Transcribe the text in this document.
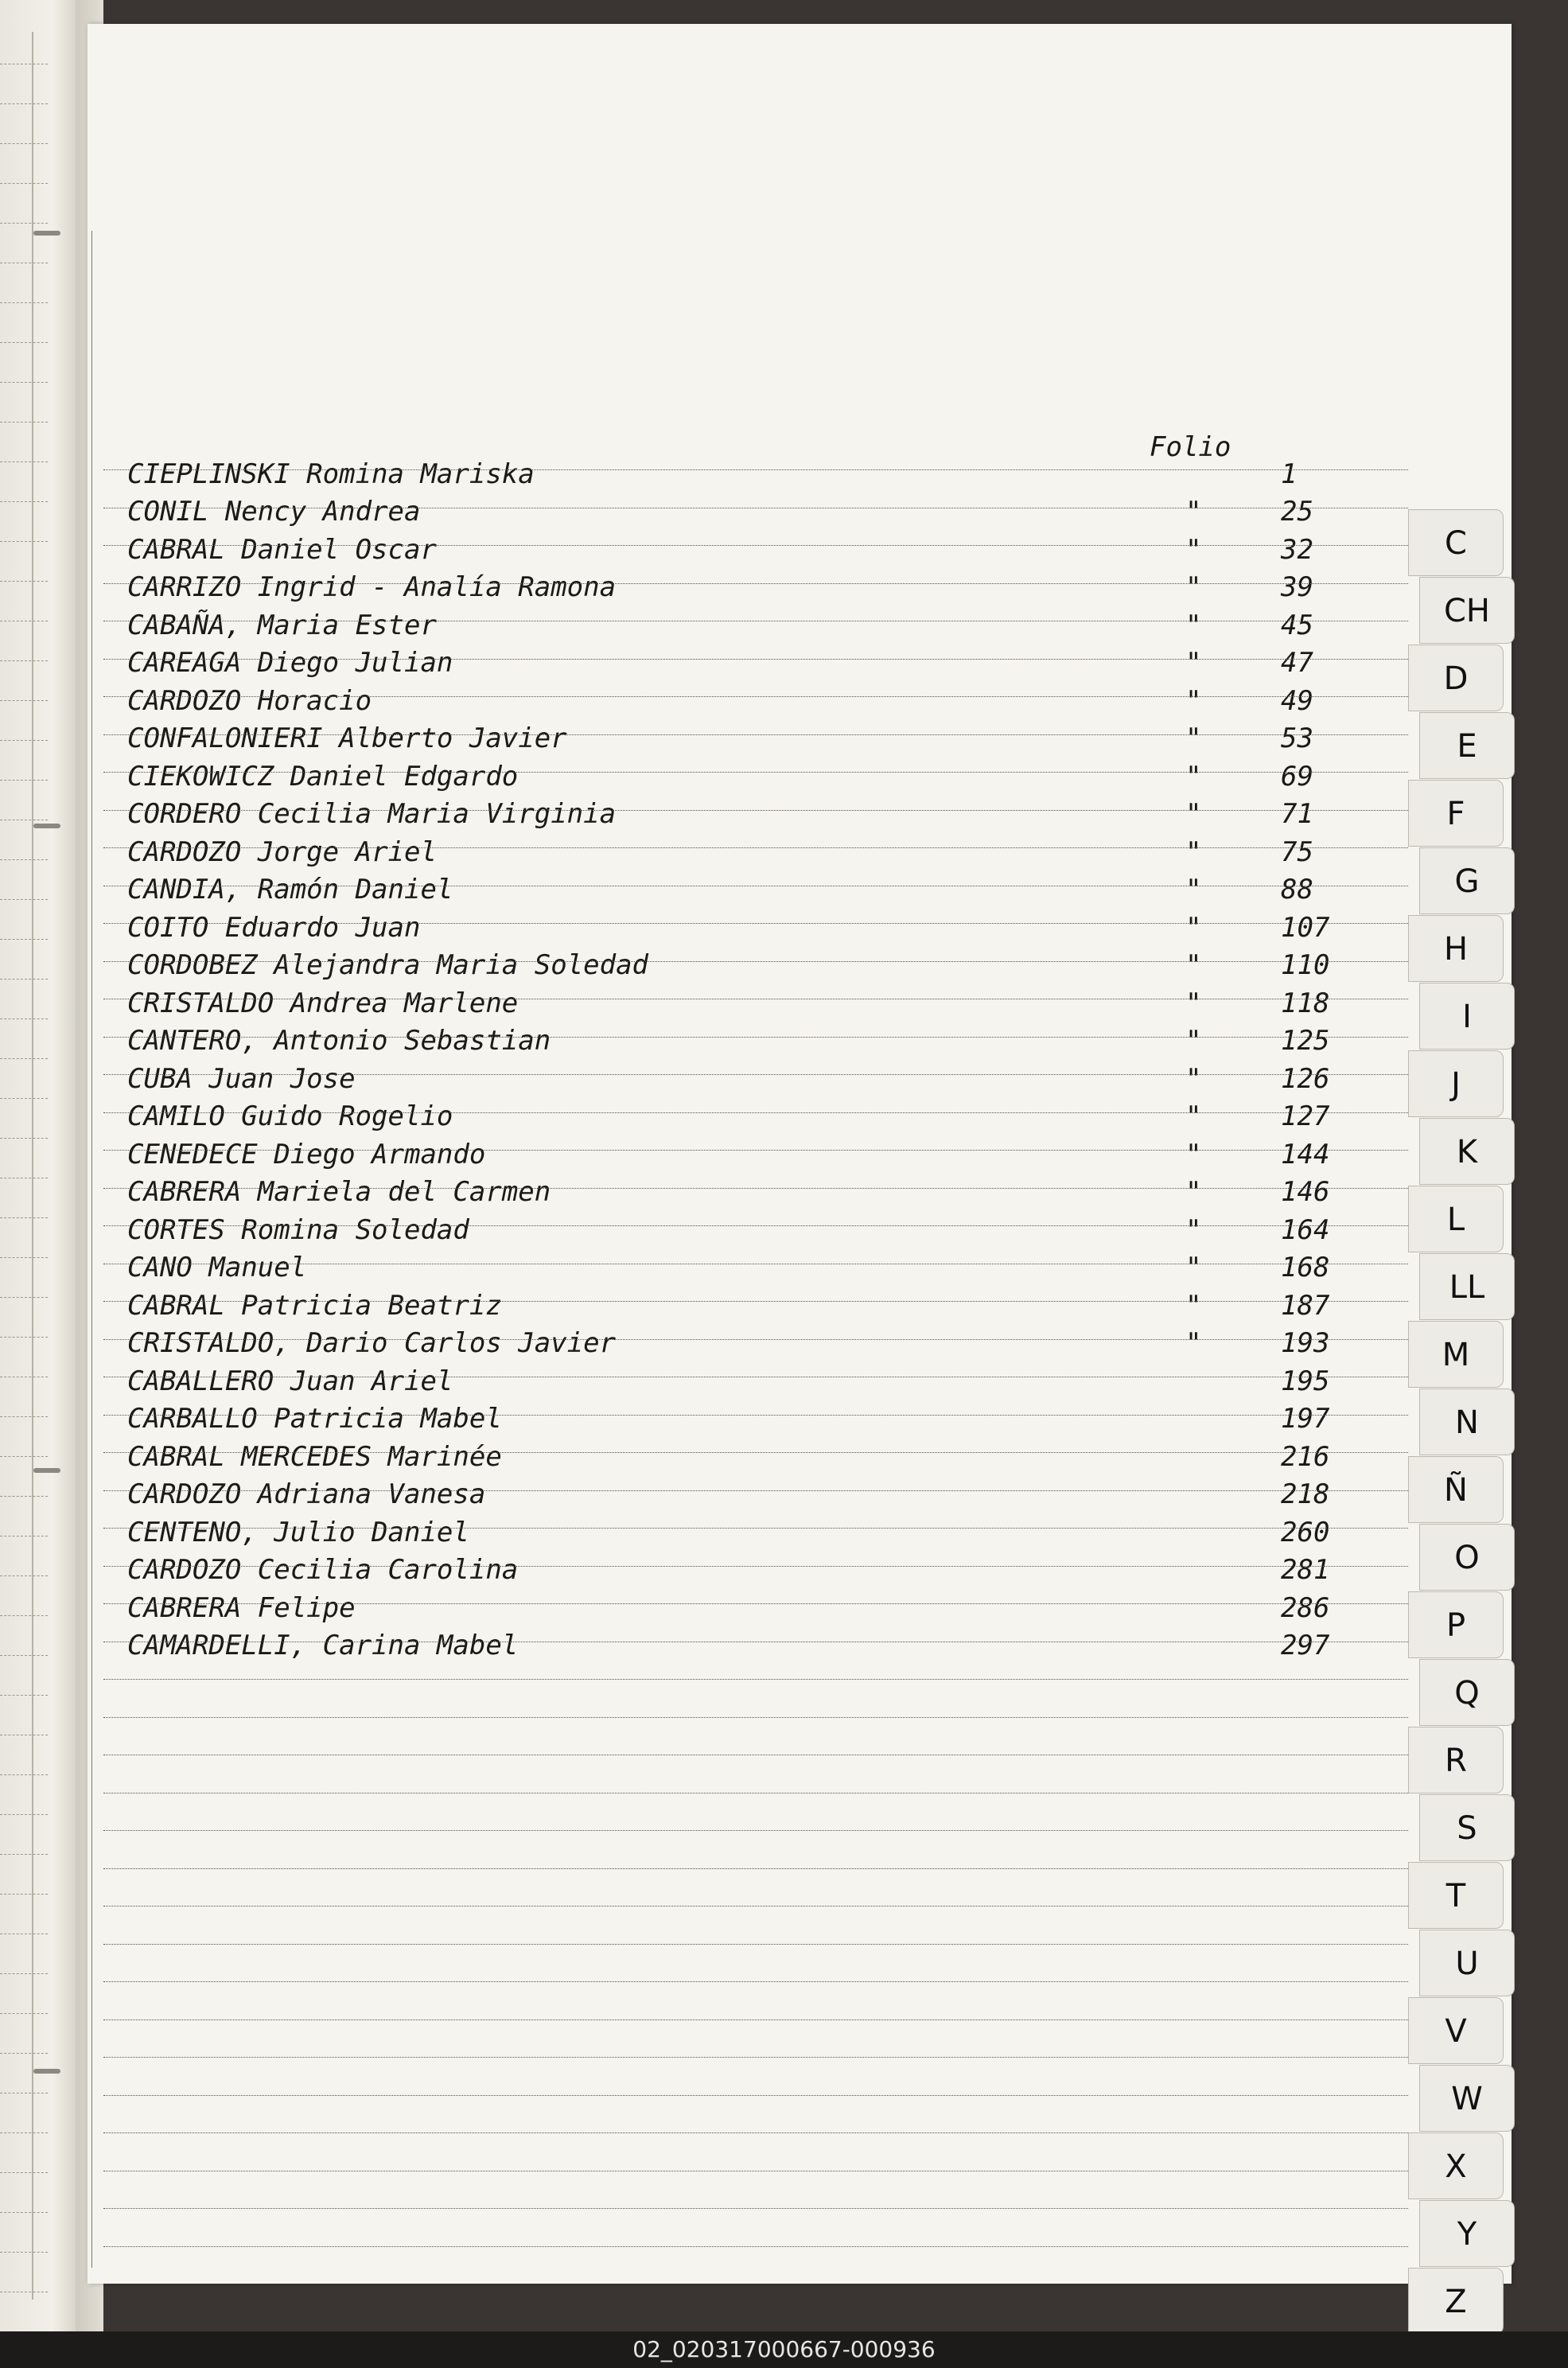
Folio
CIEPLINSKI Romina Mariska	1
CONIL Nency Andrea	"	25
CABRAL Daniel Oscar	"	32
CARRIZO Ingrid - Analía Ramona	"	39
CABAÑA, Maria Ester	"	45
CAREAGA Diego Julian	"	47
CARDOZO Horacio	"	49
CONFALONIERI Alberto Javier	"	53
CIEKOWICZ Daniel Edgardo	"	69
CORDERO Cecilia Maria Virginia	"	71
CARDOZO Jorge Ariel	"	75
CANDIA, Ramón Daniel	"	88
COITO Eduardo Juan	"	107
CORDOBEZ Alejandra Maria Soledad	"	110
CRISTALDO Andrea Marlene	"	118
CANTERO, Antonio Sebastian	"	125
CUBA Juan Jose	"	126
CAMILO Guido Rogelio	"	127
CENEDECE Diego Armando	"	144
CABRERA Mariela del Carmen	"	146
CORTES Romina Soledad	"	164
CANO Manuel	"	168
CABRAL Patricia Beatriz	"	187
CRISTALDO, Dario Carlos Javier	"	193
CABALLERO Juan Ariel	195
CARBALLO Patricia Mabel	197
CABRAL MERCEDES Marinée	216
CARDOZO Adriana Vanesa	218
CENTENO, Julio Daniel	260
CARDOZO Cecilia Carolina	281
CABRERA Felipe	286
CAMARDELLI, Carina Mabel	297
C
CH
D
E
F
G
H
I
J
K
L
LL
M
N
Ñ
O
P
Q
R
S
T
U
V
W
X
Y
Z
02_020317000667-000936
